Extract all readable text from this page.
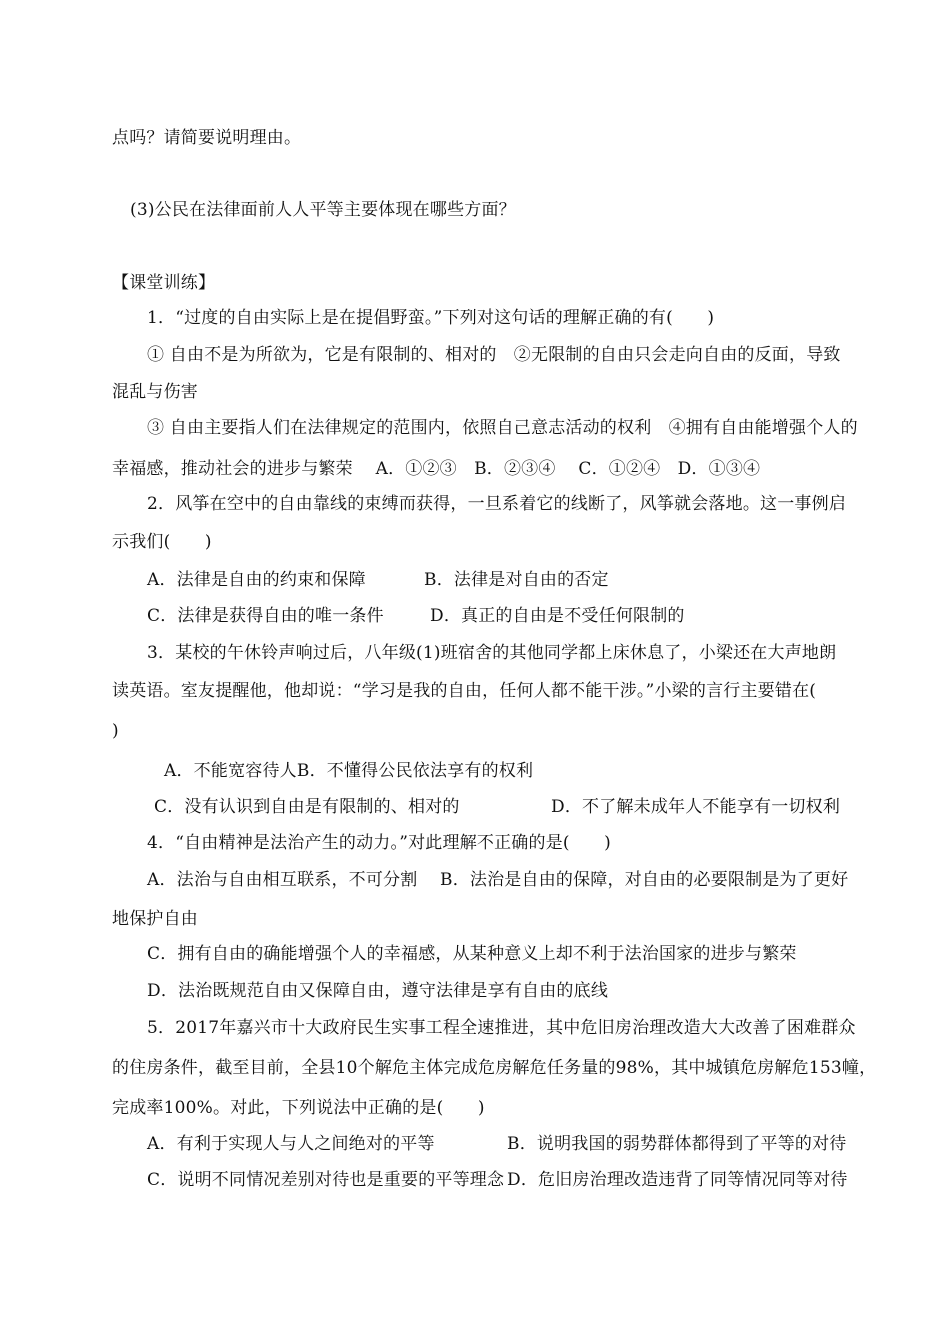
点吗？请简要说明理由。
(3)公民在法律面前人人平等主要体现在哪些方面？
【课堂训练】
1．“过度的自由实际上是在提倡野蛮。”下列对这句话的理解正确的有(　　)
① 自由不是为所欲为，它是有限制的、相对的　②无限制的自由只会走向自由的反面，导致
混乱与伤害
③ 自由主要指人们在法律规定的范围内，依照自己意志活动的权利　④拥有自由能增强个人的
幸福感，推动社会的进步与繁荣　 A．①②③　B．②③④　 C．①②④　D．①③④
2．风筝在空中的自由靠线的束缚而获得，一旦系着它的线断了，风筝就会落地。这一事例启
示我们(　　)
A．法律是自由的约束和保障	B．法律是对自由的否定
C．法律是获得自由的唯一条件	D．真正的自由是不受任何限制的
3．某校的午休铃声响过后，八年级(1)班宿舍的其他同学都上床休息了，小梁还在大声地朗
读英语。室友提醒他，他却说：“学习是我的自由，任何人都不能干涉。”小梁的言行主要错在(
)
A．不能宽容待人B．不懂得公民依法享有的权利
C．没有认识到自由是有限制的、相对的	D．不了解未成年人不能享有一切权利
4．“自由精神是法治产生的动力。”对此理解不正确的是(　　)
A．法治与自由相互联系，不可分割 B．法治是自由的保障，对自由的必要限制是为了更好
地保护自由
C．拥有自由的确能增强个人的幸福感，从某种意义上却不利于法治国家的进步与繁荣
D．法治既规范自由又保障自由，遵守法律是享有自由的底线
5．2017年嘉兴市十大政府民生实事工程全速推进，其中危旧房治理改造大大改善了困难群众
的住房条件，截至目前，全县10个解危主体完成危房解危任务量的98%，其中城镇危房解危153幢，
完成率100%。对此，下列说法中正确的是(　　)
A．有利于实现人与人之间绝对的平等	B．说明我国的弱势群体都得到了平等的对待
C．说明不同情况差别对待也是重要的平等理念 D．危旧房治理改造违背了同等情况同等对待
